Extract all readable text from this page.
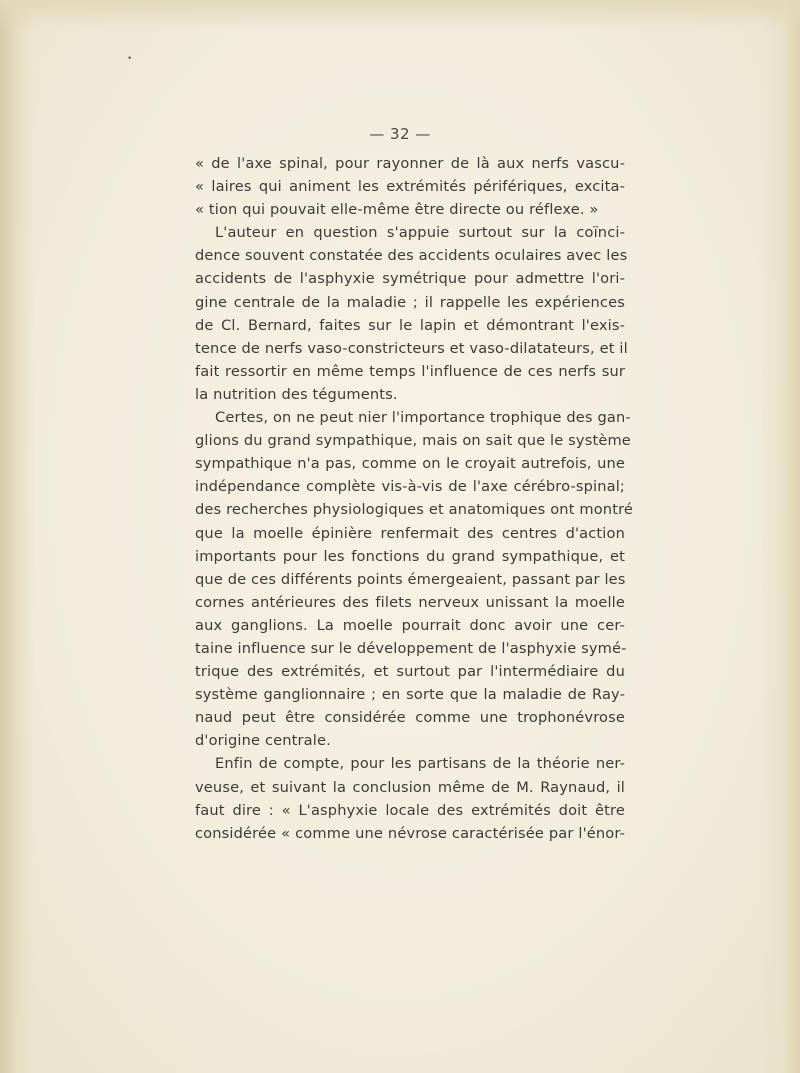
•
— 32 —
« de l'axe spinal, pour rayonner de là aux nerfs vascu-
« laires qui animent les extrémités périfériques, excita-
« tion qui pouvait elle-même être directe ou réflexe. »
L'auteur en question s'appuie surtout sur la coïnci-
dence souvent constatée des accidents oculaires avec les
accidents de l'asphyxie symétrique pour admettre l'ori-
gine centrale de la maladie ; il rappelle les expériences
de Cl. Bernard, faites sur le lapin et démontrant l'exis-
tence de nerfs vaso-constricteurs et vaso-dilatateurs, et il
fait ressortir en même temps l'influence de ces nerfs sur
la nutrition des téguments.
Certes, on ne peut nier l'importance trophique des gan-
glions du grand sympathique, mais on sait que le système
sympathique n'a pas, comme on le croyait autrefois, une
indépendance complète vis-à-vis de l'axe cérébro-spinal;
des recherches physiologiques et anatomiques ont montré
que la moelle épinière renfermait des centres d'action
importants pour les fonctions du grand sympathique, et
que de ces différents points émergeaient, passant par les
cornes antérieures des filets nerveux unissant la moelle
aux ganglions. La moelle pourrait donc avoir une cer-
taine influence sur le développement de l'asphyxie symé-
trique des extrémités, et surtout par l'intermédiaire du
système ganglionnaire ; en sorte que la maladie de Ray-
naud peut être considérée comme une trophonévrose
d'origine centrale.
Enfin de compte, pour les partisans de la théorie ner-
veuse, et suivant la conclusion même de M. Raynaud, il
faut dire : « L'asphyxie locale des extrémités doit être
considérée « comme une névrose caractérisée par l'énor-
